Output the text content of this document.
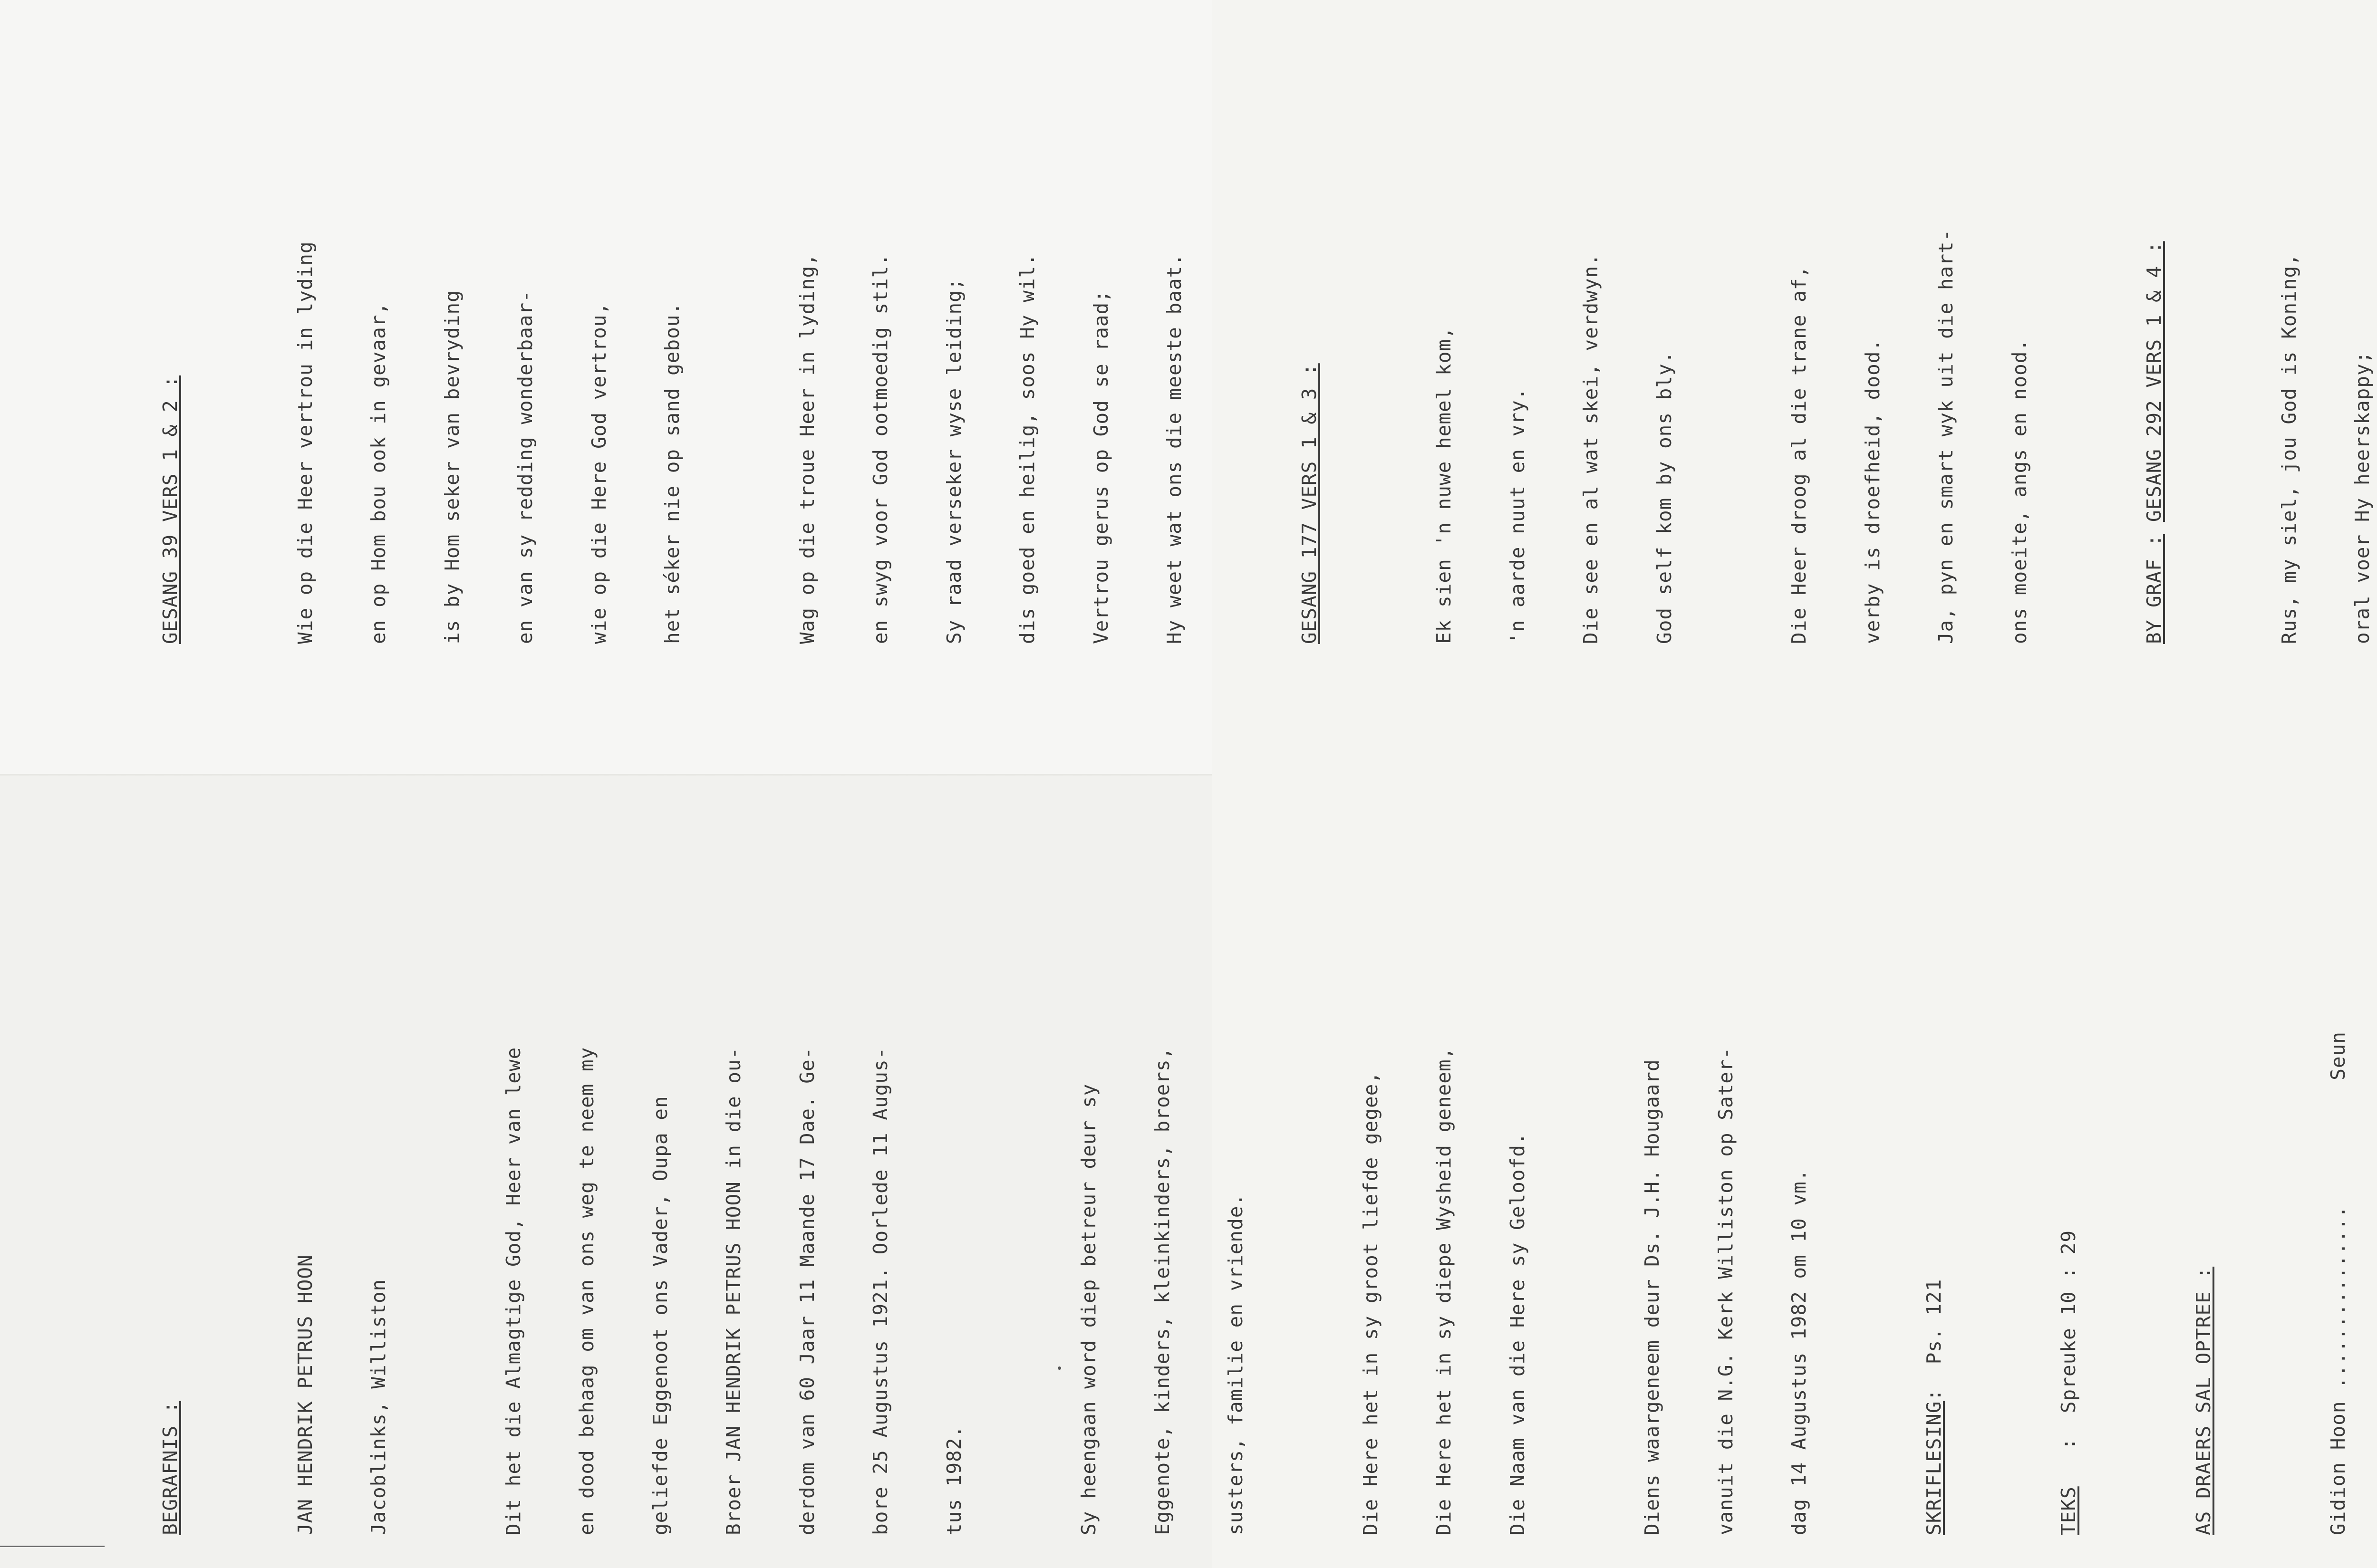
BEGRAFNIS :

	JAN HENDRIK PETRUS HOON

	Jacoblinks, Williston

	Dit het die Almagtige God, Heer van lewe

	en dood behaag om van ons weg te neem my

	geliefde Eggenoot ons Vader, Oupa en

	Broer JAN HENDRIK PETRUS HOON in die ou-

	derdom van 60 Jaar 11 Maande 17 Dae. Ge-

	bore 25 Augustus 1921. Oorlede 11 Augus-

	tus 1982.

	Sy heengaan word diep betreur deur sy

	Eggenote, kinders, kleinkinders, broers,

	susters, familie en vriende.

	Die Here het in sy groot liefde gegee,

	Die Here het in sy diepe Wysheid geneem,

	Die Naam van die Here sy Geloofd.

	Diens waargeneem deur Ds. J.H. Hougaard

	vanuit die N.G. Kerk Williston op Sater-

	dag 14 Augustus 1982 om 10 vm.

	SKRIFLESING:  Ps. 121

TEKS   :  Spreuke 10 : 29

	AS DRAERS SAL OPTREE :

	Gidion Hoon ...............
Seun

GESANG 39 VERS 1 & 2 :

	Wie op die Heer vertrou in lyding

	en op Hom bou ook in gevaar,

	is by Hom seker van bevryding

	en van sy redding wonderbaar-

	wie op die Here God vertrou,

	het séker nie op sand gebou.

	Wag op die troue Heer in lyding,

	en swyg voor God ootmoedig stil.

	Sy raad verseker wyse leiding;

	dis goed en heilig, soos Hy wil.

	Vertrou gerus op God se raad;

	Hy weet wat ons die meeste baat.

	GESANG 177 VERS 1 & 3 :

	Ek sien 'n nuwe hemel kom,

	'n aarde nuut en vry.

	Die see en al wat skei, verdwyn.

	God self kom by ons bly.

	Die Heer droog al die trane af,

	verby is droefheid, dood.

	Ja, pyn en smart wyk uit die hart-

	ons moeite, angs en nood.

	BY GRAF : GESANG 292 VERS 1 & 4 :

	Rus, my siel, jou God is Koning,

	oral voer Hy heerskappy;
